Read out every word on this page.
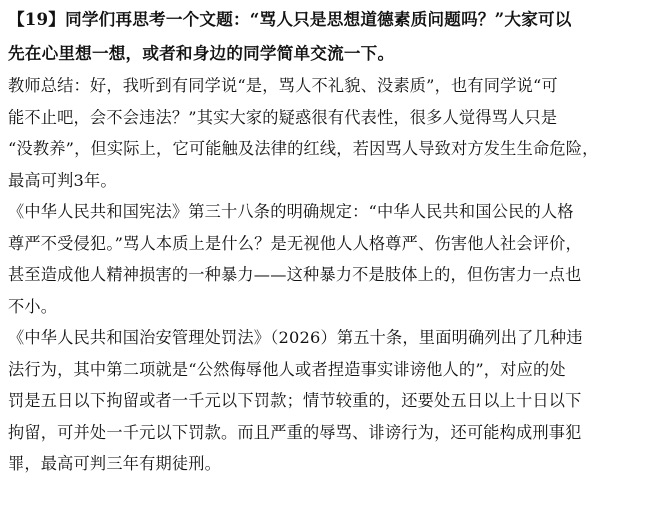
【19】同学们再思考一个文题：“骂人只是思想道德素质问题吗？”大家可以

先在心里想一想，或者和身边的同学简单交流一下。

教师总结：好，我听到有同学说“是，骂人不礼貌、没素质”，也有同学说“可

能不止吧，会不会违法？”其实大家的疑惑很有代表性，很多人觉得骂人只是

“没教养”，但实际上，它可能触及法律的红线，若因骂人导致对方发生生命危险，

最高可判3年。

《中华人民共和国宪法》第三十八条的明确规定：“中华人民共和国公民的人格

尊严不受侵犯。”骂人本质上是什么？是无视他人人格尊严、伤害他人社会评价，

甚至造成他人精神损害的一种暴力——这种暴力不是肢体上的，但伤害力一点也

不小。

《中华人民共和国治安管理处罚法》（2026）第五十条，里面明确列出了几种违

法行为，其中第二项就是“公然侮辱他人或者捏造事实诽谤他人的”，对应的处

罚是五日以下拘留或者一千元以下罚款；情节较重的，还要处五日以上十日以下

拘留，可并处一千元以下罚款。而且严重的辱骂、诽谤行为，还可能构成刑事犯

罪，最高可判三年有期徒刑。
